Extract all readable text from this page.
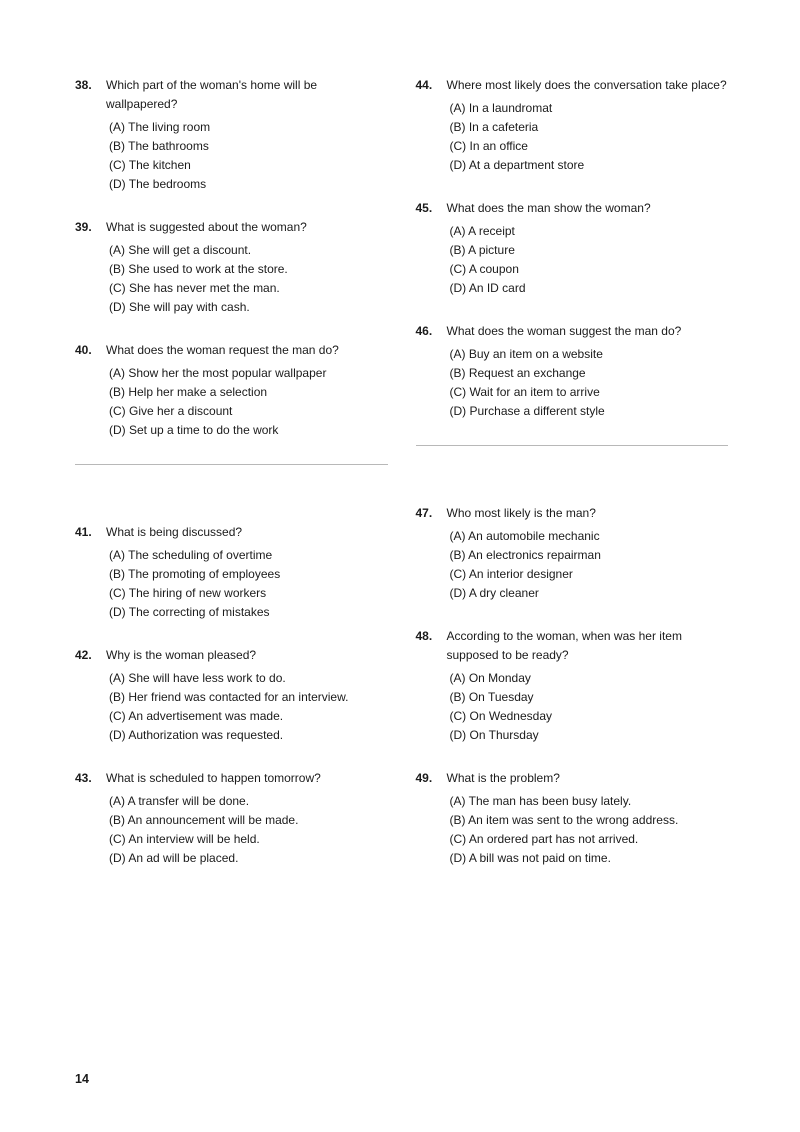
38.	Which part of the woman's home will be wallpapered?
(A) The living room
(B) The bathrooms
(C) The kitchen
(D) The bedrooms
39.	What is suggested about the woman?
(A) She will get a discount.
(B) She used to work at the store.
(C) She has never met the man.
(D) She will pay with cash.
40.	What does the woman request the man do?
(A) Show her the most popular wallpaper
(B) Help her make a selection
(C) Give her a discount
(D) Set up a time to do the work
41.	What is being discussed?
(A) The scheduling of overtime
(B) The promoting of employees
(C) The hiring of new workers
(D) The correcting of mistakes
42.	Why is the woman pleased?
(A) She will have less work to do.
(B) Her friend was contacted for an interview.
(C) An advertisement was made.
(D) Authorization was requested.
43.	What is scheduled to happen tomorrow?
(A) A transfer will be done.
(B) An announcement will be made.
(C) An interview will be held.
(D) An ad will be placed.
44.	Where most likely does the conversation take place?
(A) In a laundromat
(B) In a cafeteria
(C) In an office
(D) At a department store
45.	What does the man show the woman?
(A) A receipt
(B) A picture
(C) A coupon
(D) An ID card
46.	What does the woman suggest the man do?
(A) Buy an item on a website
(B) Request an exchange
(C) Wait for an item to arrive
(D) Purchase a different style
47.	Who most likely is the man?
(A) An automobile mechanic
(B) An electronics repairman
(C) An interior designer
(D) A dry cleaner
48.	According to the woman, when was her item supposed to be ready?
(A) On Monday
(B) On Tuesday
(C) On Wednesday
(D) On Thursday
49.	What is the problem?
(A) The man has been busy lately.
(B) An item was sent to the wrong address.
(C) An ordered part has not arrived.
(D) A bill was not paid on time.
14
